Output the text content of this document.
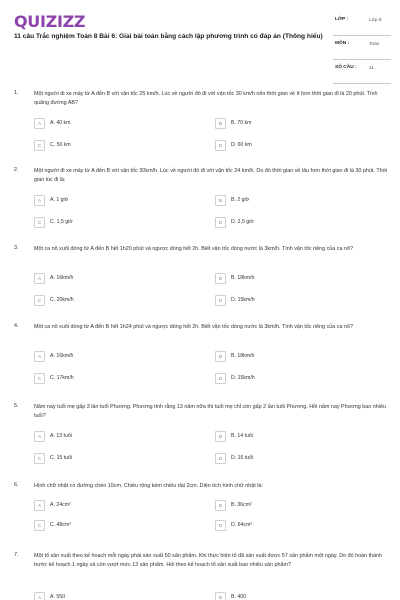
QUIZIZZ
11 câu Trắc nghiệm Toán 8 Bài 6: Giải bài toán bằng cách lập phương trình có đáp án (Thông hiểu)
LỚP :	Lớp 8
MÔN :	Toán
SỐ CÂU :	11
1.	Một người đi xe máy từ A đến B với vận tốc 25 km/h. Lúc về người đó đi với vận tốc 30 km/h nên thời gian về ít hơn thời gian đi là 20 phút. Tính quãng đường AB?
A	A. 40 km	B	B. 70 km
C	C. 50 km	D	D. 60 km
2.	Một người đi xe máy từ A đến B với vận tốc 30km/h. Lúc về người đó đi với vận tốc 24 km/h. Do đó thời gian về lâu hơn thời gian đi là 30 phút. Thời gian lúc đi là:
A	A. 1 giờ	B	B. 2 giờ
C	C. 1,5 giờ	D	D. 2,5 giờ
3.	Một ca nô xuôi dòng từ A đến B hết 1h20 phút và ngược dòng hết 2h. Biết vận tốc dòng nước là 3km/h. Tính vận tốc riêng của ca nô?
A	A. 16km/h	B	B. 18km/h
C	C. 20km/h	D	D. 15km/h
4.	Một ca nô xuôi dòng từ A đến B hết 1h24 phút và ngược dòng hết 2h. Biết vận tốc dòng nước là 3km/h. Tính vận tốc riêng của ca nô?
A	A. 16km/h	B	B. 18km/h
C	C. 17km/h	D	D. 15km/h
5.	Năm nay tuổi mẹ gấp 3 lần tuổi Phương. Phương tính rằng 13 năm nữa thì tuổi mẹ chỉ còn gấp 2 lần tuổi Phương. Hỏi năm nay Phương bao nhiêu tuổi?
A	A. 13 tuổi	B	B. 14 tuổi
C	C. 15 tuổi	D	D. 16 tuổi
6.	Hình chữ nhật có đường chéo 10cm. Chiều rộng kém chiều dài 2cm. Diện tích hình chữ nhật là:
A	A. 24cm²	B	B. 36cm²
C	C. 48cm²	D	D. 64cm²
7.	Một tổ sản xuất theo kế hoạch mỗi ngày phải sản xuất 50 sản phẩm. Khi thực hiện tổ đã sản xuất được 57 sản phẩm một ngày. Do đó hoàn thành trước kế hoạch 1 ngày và còn vượt mức 13 sản phẩm. Hỏi theo kế hoạch tổ sản xuất bao nhiêu sản phẩm?
A	A. 550	B	B. 400
